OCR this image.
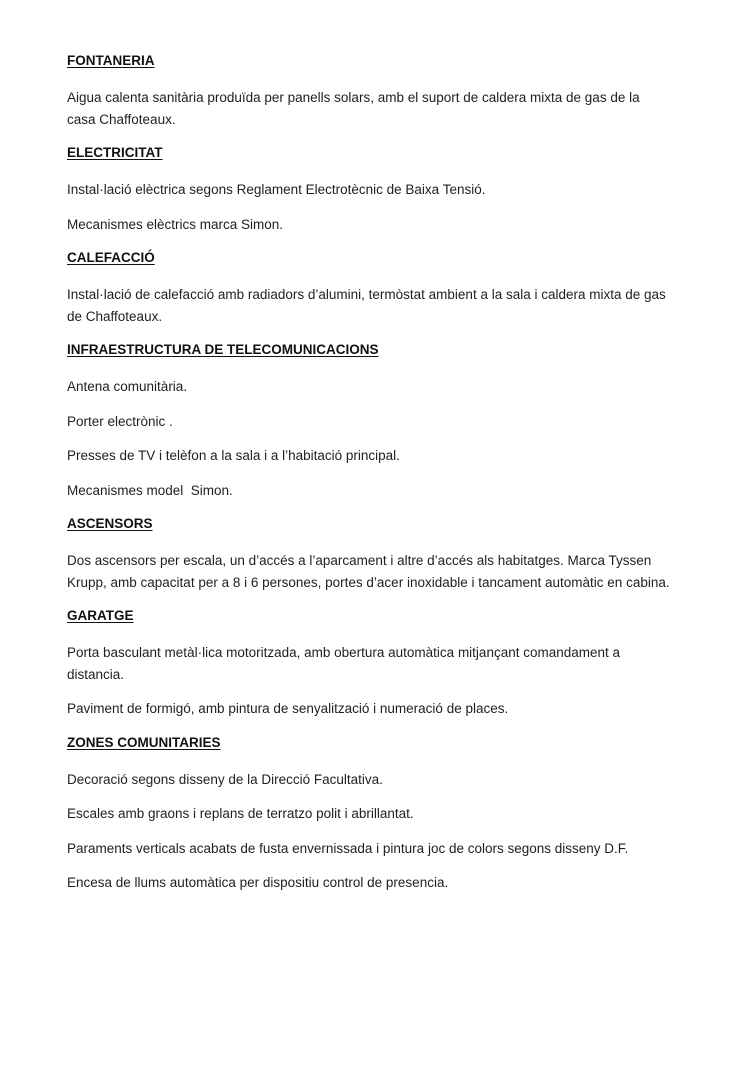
FONTANERIA

Aigua calenta sanitària produïda per panells solars, amb el suport de caldera mixta de gas de la casa Chaffoteaux.

ELECTRICITAT

Instal·lació elèctrica segons Reglament Electrotècnic de Baixa Tensió.

Mecanismes elèctrics marca Simon.

CALEFACCIÓ

Instal·lació de calefacció amb radiadors d’alumini, termòstat ambient a la sala i caldera mixta de gas de Chaffoteaux.

INFRAESTRUCTURA DE TELECOMUNICACIONS

Antena comunitària.

Porter electrònic .

Presses de TV i telèfon a la sala i a l’habitació principal.

Mecanismes model  Simon.

ASCENSORS

Dos ascensors per escala, un d’accés a l’aparcament i altre d’accés als habitatges. Marca Tyssen Krupp, amb capacitat per a 8 i 6 persones, portes d’acer inoxidable i tancament automàtic en cabina.

GARATGE

Porta basculant metàl·lica motoritzada, amb obertura automàtica mitjançant comandament a distancia.

Paviment de formigó, amb pintura de senyalització i numeració de places.

ZONES COMUNITARIES

Decoració segons disseny de la Direcció Facultativa.

Escales amb graons i replans de terratzo polit i abrillantat.

Paraments verticals acabats de fusta envernissada i pintura joc de colors segons disseny D.F.

Encesa de llums automàtica per dispositiu control de presencia.
